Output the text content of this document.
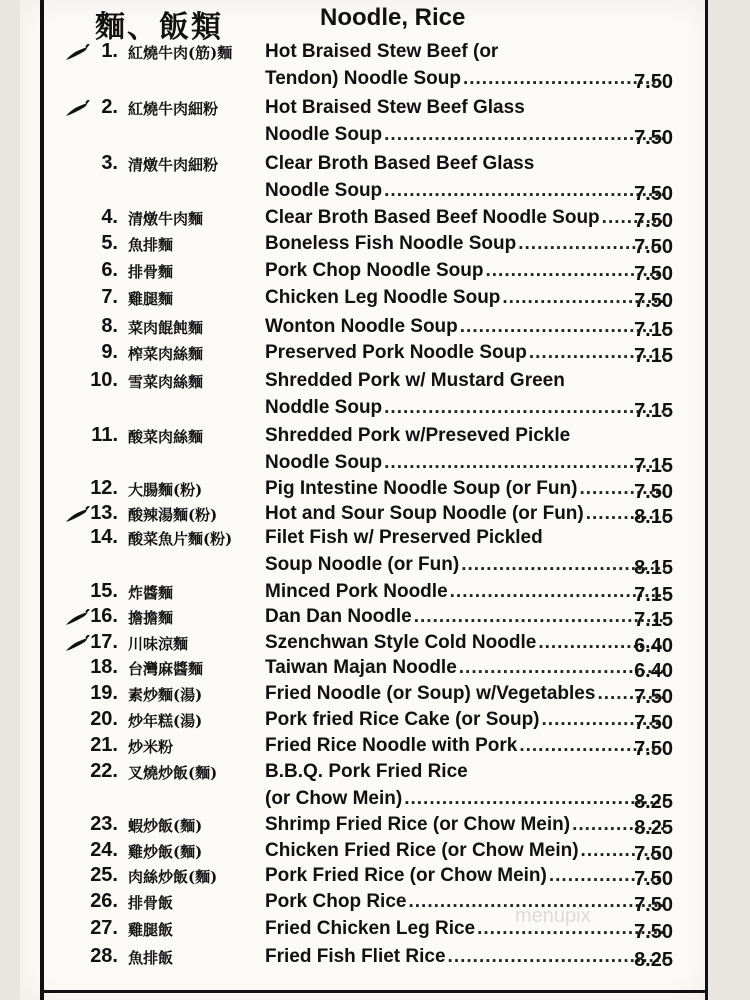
麵、飯類	Noodle, Rice
1. 紅燒牛肉(筋)麵	Hot Braised Stew Beef (or
Tendon) Noodle Soup .....	7.50
2. 紅燒牛肉細粉	Hot Braised Stew Beef Glass
Noodle Soup .....	7.50
3. 清燉牛肉細粉	Clear Broth Based Beef Glass
Noodle Soup .....	7.50
4. 清燉牛肉麵	Clear Broth Based Beef Noodle Soup .....	7.50
5. 魚排麵	Boneless Fish Noodle Soup .....	7.50
6. 排骨麵	Pork Chop Noodle Soup .....	7.50
7. 雞腿麵	Chicken Leg Noodle Soup .....	7.50
8. 菜肉餛飩麵	Wonton Noodle Soup .....	7.15
9. 榨菜肉絲麵	Preserved Pork Noodle Soup .....	7.15
10. 雪菜肉絲麵	Shredded Pork w/ Mustard Green
Noddle Soup .....	7.15
11. 酸菜肉絲麵	Shredded Pork w/Preseved Pickle
Noodle Soup .....	7.15
12. 大腸麵(粉)	Pig Intestine Noodle Soup (or Fun) .....	7.50
13. 酸辣湯麵(粉)	Hot and Sour Soup Noodle (or Fun) .....	8.15
14. 酸菜魚片麵(粉)	Filet Fish w/ Preserved Pickled
Soup Noodle (or Fun) .....	8.15
15. 炸醬麵	Minced Pork Noodle .....	7.15
16. 擔擔麵	Dan Dan Noodle .....	7.15
17. 川味涼麵	Szenchwan Style Cold Noodle .....	6.40
18. 台灣麻醬麵	Taiwan Majan Noodle .....	6.40
19. 素炒麵(湯)	Fried Noodle (or Soup) w/Vegetables .....	7.50
20. 炒年糕(湯)	Pork fried Rice Cake (or Soup) .....	7.50
21. 炒米粉	Fried Rice Noodle with Pork .....	7.50
22. 叉燒炒飯(麵)	B.B.Q. Pork Fried Rice
(or Chow Mein) .....	8.25
23. 蝦炒飯(麵)	Shrimp Fried Rice (or Chow Mein) .....	8.25
24. 雞炒飯(麵)	Chicken Fried Rice (or Chow Mein) .....	7.50
25. 肉絲炒飯(麵)	Pork Fried Rice (or Chow Mein) .....	7.50
26. 排骨飯	Pork Chop Rice .....	7.50
27. 雞腿飯	Fried Chicken Leg Rice .....	7.50
28. 魚排飯	Fried Fish Fliet Rice .....	8.25
menupix
